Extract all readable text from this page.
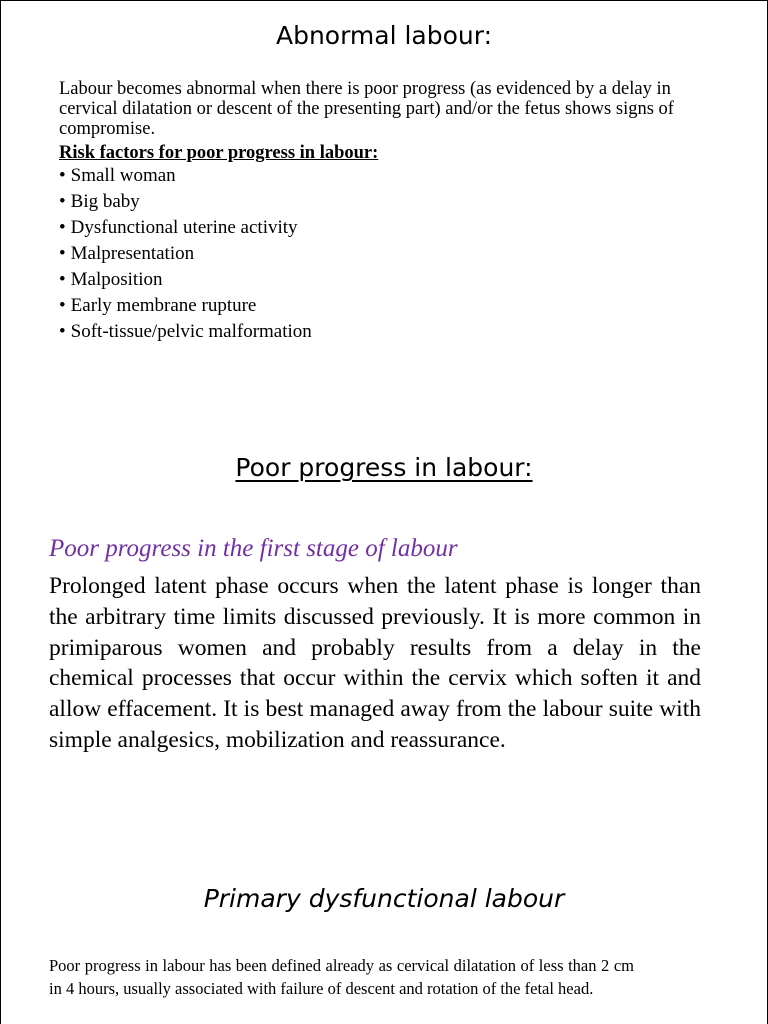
Abnormal labour:

Labour becomes abnormal when there is poor progress (as evidenced by a delay in cervical dilatation or descent of the presenting part) and/or the fetus shows signs of compromise.

Risk factors for poor progress in labour:

• Small woman
• Big baby
• Dysfunctional uterine activity
• Malpresentation
• Malposition
• Early membrane rupture
• Soft-tissue/pelvic malformation
Poor progress in labour:
Poor progress in the first stage of labour

Prolonged latent phase occurs when the latent phase is longer than the arbitrary time limits discussed previously. It is more common in primiparous women and probably results from a delay in the chemical processes that occur within the cervix which soften it and allow effacement. It is best managed away from the labour suite with simple analgesics, mobilization and reassurance.

Primary dysfunctional labour

Poor progress in labour has been defined already as cervical dilatation of less than 2 cm in 4 hours, usually associated with failure of descent and rotation of the fetal head.
